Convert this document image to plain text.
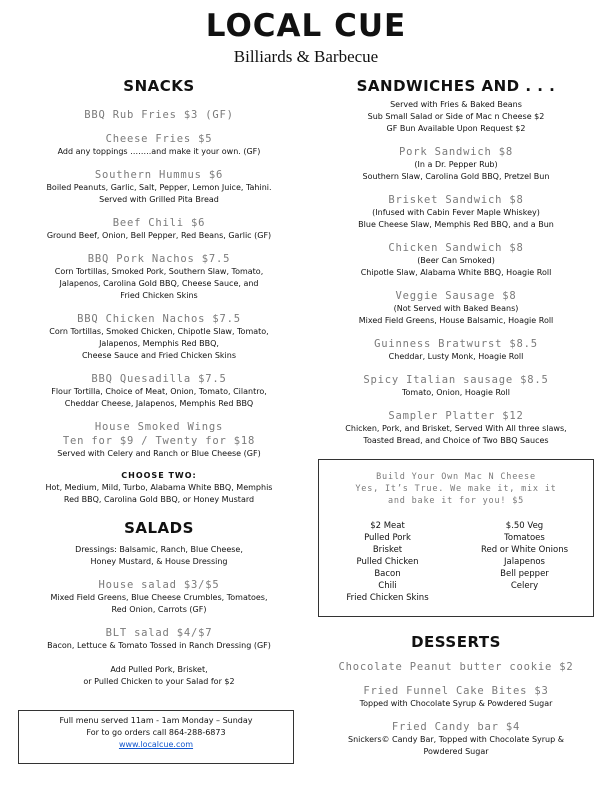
LOCAL CUE
Billiards & Barbecue
SNACKS
BBQ Rub Fries $3 (GF)
Cheese Fries $5
Add any toppings ……..and make it your own. (GF)
Southern Hummus $6
Boiled Peanuts, Garlic, Salt, Pepper, Lemon Juice, Tahini.
Served with Grilled Pita Bread
Beef Chili $6
Ground Beef, Onion, Bell Pepper, Red Beans, Garlic (GF)
BBQ Pork Nachos $7.5
Corn Tortillas, Smoked Pork, Southern Slaw, Tomato,
Jalapenos, Carolina Gold BBQ, Cheese Sauce, and
Fried Chicken Skins
BBQ Chicken Nachos $7.5
Corn Tortillas, Smoked Chicken, Chipotle Slaw, Tomato,
Jalapenos, Memphis Red BBQ,
Cheese Sauce and Fried Chicken Skins
BBQ Quesadilla $7.5
Flour Tortilla, Choice of Meat, Onion, Tomato, Cilantro,
Cheddar Cheese, Jalapenos, Memphis Red BBQ
House Smoked Wings
Ten for $9 / Twenty for $18
Served with Celery and Ranch or Blue Cheese (GF)
CHOOSE TWO:
Hot, Medium, Mild, Turbo, Alabama White BBQ, Memphis
Red BBQ, Carolina Gold BBQ, or Honey Mustard
SALADS
Dressings: Balsamic, Ranch, Blue Cheese,
Honey Mustard, & House Dressing
House salad $3/$5
Mixed Field Greens, Blue Cheese Crumbles, Tomatoes,
Red Onion, Carrots (GF)
BLT salad $4/$7
Bacon, Lettuce & Tomato Tossed in Ranch Dressing (GF)
Add Pulled Pork, Brisket,
or Pulled Chicken to your Salad for $2
Full menu served 11am - 1am Monday – Sunday
For to go orders call 864-288-6873
www.localcue.com
SANDWICHES AND . . .
Served with Fries & Baked Beans
Sub Small Salad or Side of Mac n Cheese $2
GF Bun Available Upon Request $2
Pork Sandwich $8
(In a Dr. Pepper Rub)
Southern Slaw, Carolina Gold BBQ, Pretzel Bun
Brisket Sandwich $8
(Infused with Cabin Fever Maple Whiskey)
Blue Cheese Slaw, Memphis Red BBQ, and a Bun
Chicken Sandwich $8
(Beer Can Smoked)
Chipotle Slaw, Alabama White BBQ, Hoagie Roll
Veggie Sausage $8
(Not Served with Baked Beans)
Mixed Field Greens, House Balsamic, Hoagie Roll
Guinness Bratwurst $8.5
Cheddar, Lusty Monk, Hoagie Roll
Spicy Italian sausage $8.5
Tomato, Onion, Hoagie Roll
Sampler Platter $12
Chicken, Pork, and Brisket, Served With All three slaws,
Toasted Bread, and Choice of Two BBQ Sauces
Build Your Own Mac N Cheese
Yes, It’s True. We make it, mix it
and bake it for you! $5
$2 Meat
Pulled Pork
Brisket
Pulled Chicken
Bacon
Chili
Fried Chicken Skins
$.50 Veg
Tomatoes
Red or White Onions
Jalapenos
Bell pepper
Celery
DESSERTS
Chocolate Peanut butter cookie $2
Fried Funnel Cake Bites $3
Topped with Chocolate Syrup & Powdered Sugar
Fried Candy bar $4
Snickers© Candy Bar, Topped with Chocolate Syrup &
Powdered Sugar
